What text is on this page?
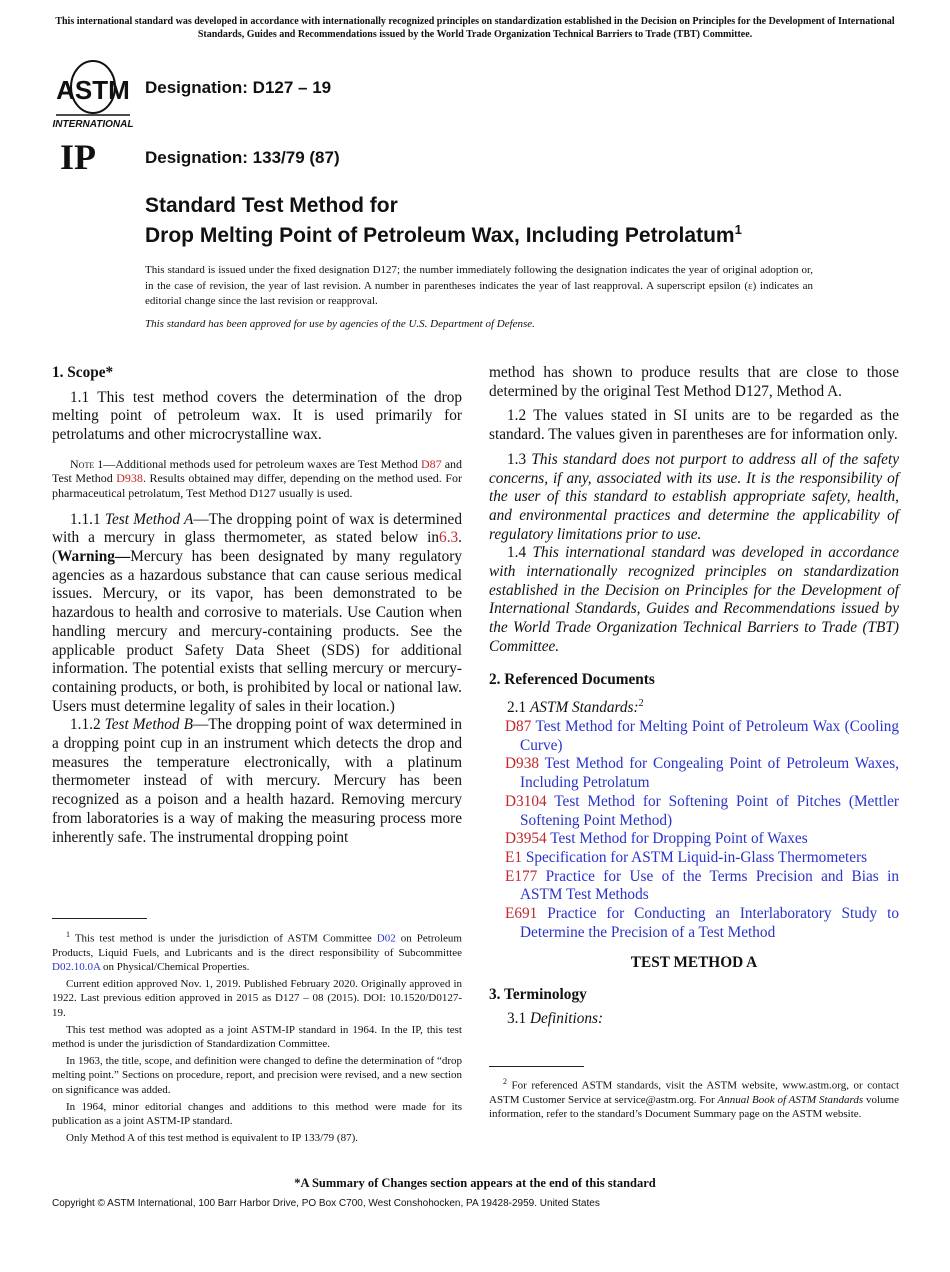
This international standard was developed in accordance with internationally recognized principles on standardization established in the Decision on Principles for the Development of International Standards, Guides and Recommendations issued by the World Trade Organization Technical Barriers to Trade (TBT) Committee.
ASTM
INTERNATIONAL
IP
Designation: D127 – 19
Designation: 133/79 (87)
Standard Test Method for
Drop Melting Point of Petroleum Wax, Including Petrolatum$^1$
This standard is issued under the fixed designation D127; the number immediately following the designation indicates the year of original adoption or, in the case of revision, the year of last revision. A number in parentheses indicates the year of last reapproval. A superscript epsilon (ε) indicates an editorial change since the last revision or reapproval.
This standard has been approved for use by agencies of the U.S. Department of Defense.
1. Scope*

1.1 This test method covers the determination of the drop melting point of petroleum wax. It is used primarily for petrolatums and other microcrystalline wax.

Note 1—Additional methods used for petroleum waxes are Test Method D87 and Test Method D938. Results obtained may differ, depending on the method used. For pharmaceutical petrolatum, Test Method D127 usually is used.

1.1.1 Test Method A—The dropping point of wax is determined with a mercury in glass thermometer, as stated below in6.3. (Warning—Mercury has been designated by many regulatory agencies as a hazardous substance that can cause serious medical issues. Mercury, or its vapor, has been demonstrated to be hazardous to health and corrosive to materials. Use Caution when handling mercury and mercury-containing products. See the applicable product Safety Data Sheet (SDS) for additional information. The potential exists that selling mercury or mercury-containing products, or both, is prohibited by local or national law. Users must determine legality of sales in their location.)

1.1.2 Test Method B—The dropping point of wax determined in a dropping point cup in an instrument which detects the drop and measures the temperature electronically, with a platinum thermometer instead of with mercury. Mercury has been recognized as a poison and a health hazard. Removing mercury from laboratories is a way of making the measuring process more inherently safe. The instrumental dropping point

method has shown to produce results that are close to those determined by the original Test Method D127, Method A.

1.2 The values stated in SI units are to be regarded as the standard. The values given in parentheses are for information only.

1.3 This standard does not purport to address all of the safety concerns, if any, associated with its use. It is the responsibility of the user of this standard to establish appropriate safety, health, and environmental practices and determine the applicability of regulatory limitations prior to use.

1.4 This international standard was developed in accordance with internationally recognized principles on standardization established in the Decision on Principles for the Development of International Standards, Guides and Recommendations issued by the World Trade Organization Technical Barriers to Trade (TBT) Committee.

2. Referenced Documents

2.1 ASTM Standards:$^2$

D87 Test Method for Melting Point of Petroleum Wax (Cooling Curve)

D938 Test Method for Congealing Point of Petroleum Waxes, Including Petrolatum

D3104 Test Method for Softening Point of Pitches (Mettler Softening Point Method)

D3954 Test Method for Dropping Point of Waxes

E1 Specification for ASTM Liquid-in-Glass Thermometers

E177 Practice for Use of the Terms Precision and Bias in ASTM Test Methods

E691 Practice for Conducting an Interlaboratory Study to Determine the Precision of a Test Method

TEST METHOD A

3. Terminology

3.1 Definitions:

$^1$ This test method is under the jurisdiction of ASTM Committee D02 on Petroleum Products, Liquid Fuels, and Lubricants and is the direct responsibility of Subcommittee D02.10.0A on Physical/Chemical Properties.

Current edition approved Nov. 1, 2019. Published February 2020. Originally approved in 1922. Last previous edition approved in 2015 as D127 – 08 (2015). DOI: 10.1520/D0127-19.

This test method was adopted as a joint ASTM-IP standard in 1964. In the IP, this test method is under the jurisdiction of Standardization Committee.

In 1963, the title, scope, and definition were changed to define the determination of “drop melting point.” Sections on procedure, report, and precision were revised, and a new section on significance was added.

In 1964, minor editorial changes and additions to this method were made for its publication as a joint ASTM-IP standard.

Only Method A of this test method is equivalent to IP 133/79 (87).

$^2$ For referenced ASTM standards, visit the ASTM website, www.astm.org, or contact ASTM Customer Service at service@astm.org. For Annual Book of ASTM Standards volume information, refer to the standard’s Document Summary page on the ASTM website.

*A Summary of Changes section appears at the end of this standard
Copyright © ASTM International, 100 Barr Harbor Drive, PO Box C700, West Conshohocken, PA 19428-2959. United States
